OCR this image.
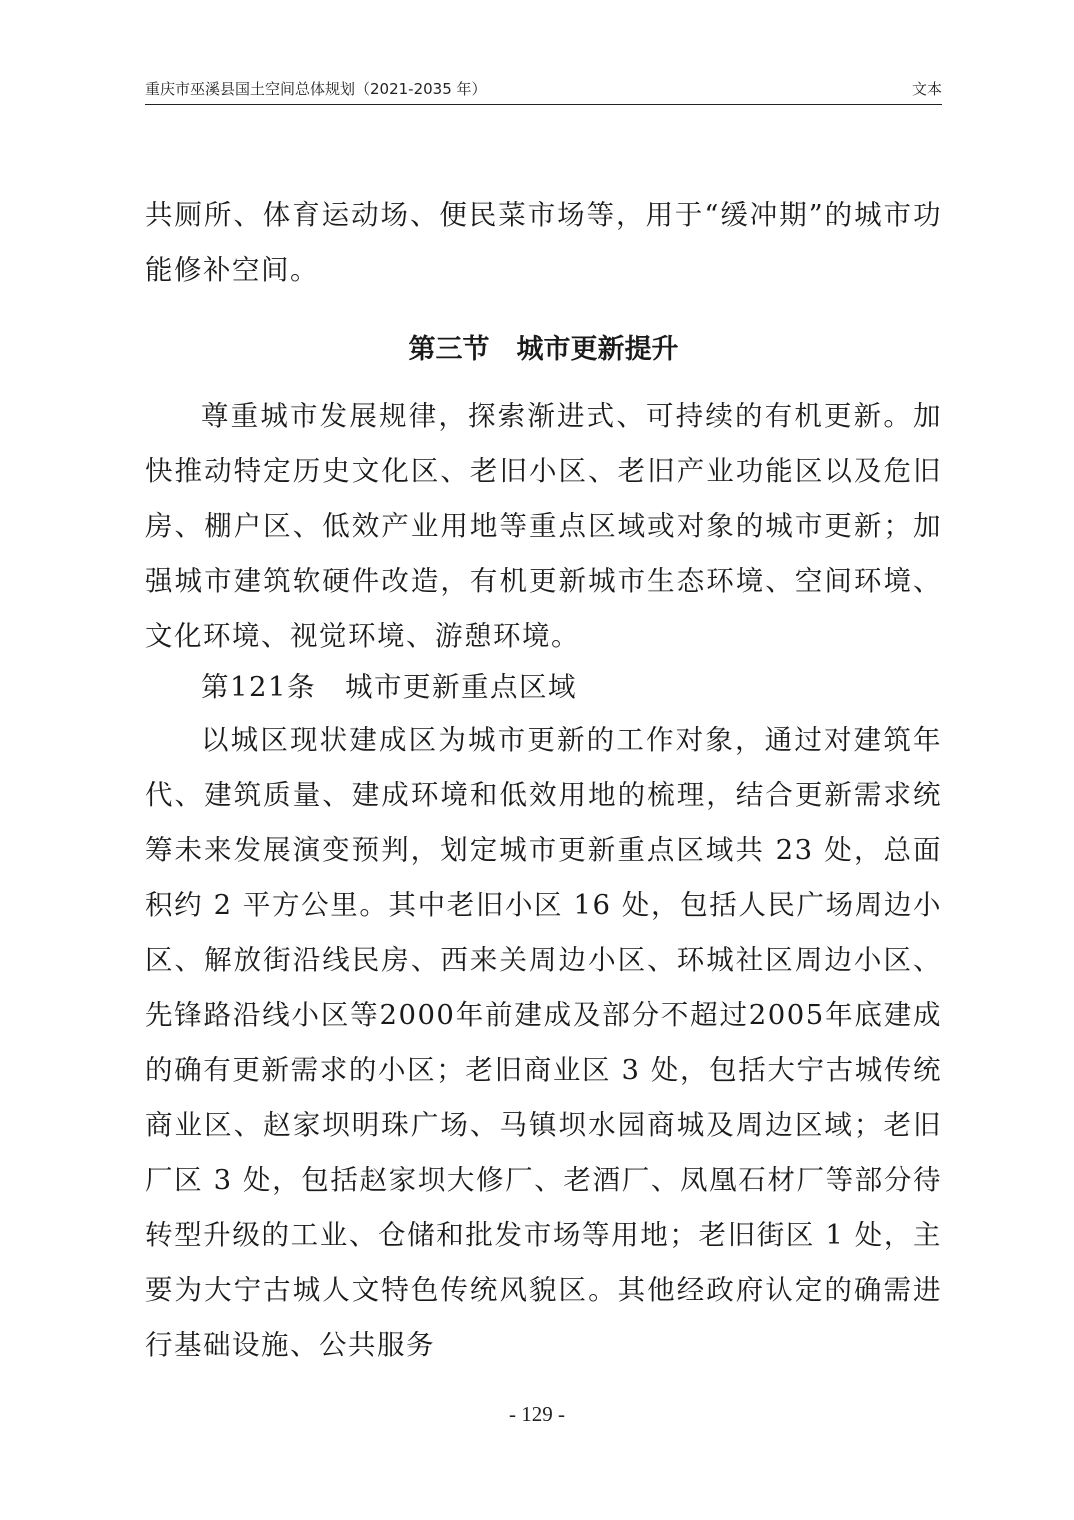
重庆市巫溪县国土空间总体规划（2021-2035 年）	文本

共厕所、体育运动场、便民菜市场等，用于“缓冲期”的城市功能修补空间。

第三节　城市更新提升

尊重城市发展规律，探索渐进式、可持续的有机更新。加快推动特定历史文化区、老旧小区、老旧产业功能区以及危旧房、棚户区、低效产业用地等重点区域或对象的城市更新；加强城市建筑软硬件改造，有机更新城市生态环境、空间环境、文化环境、视觉环境、游憩环境。

第121条　城市更新重点区域

以城区现状建成区为城市更新的工作对象，通过对建筑年代、建筑质量、建成环境和低效用地的梳理，结合更新需求统筹未来发展演变预判，划定城市更新重点区域共 23 处，总面积约 2 平方公里。其中老旧小区 16 处，包括人民广场周边小区、解放街沿线民房、西来关周边小区、环城社区周边小区、先锋路沿线小区等2000年前建成及部分不超过2005年底建成的确有更新需求的小区；老旧商业区 3 处，包括大宁古城传统商业区、赵家坝明珠广场、马镇坝水园商城及周边区域；老旧厂区 3 处，包括赵家坝大修厂、老酒厂、凤凰石材厂等部分待转型升级的工业、仓储和批发市场等用地；老旧街区 1 处，主要为大宁古城人文特色传统风貌区。其他经政府认定的确需进行基础设施、公共服务

- 129 -
